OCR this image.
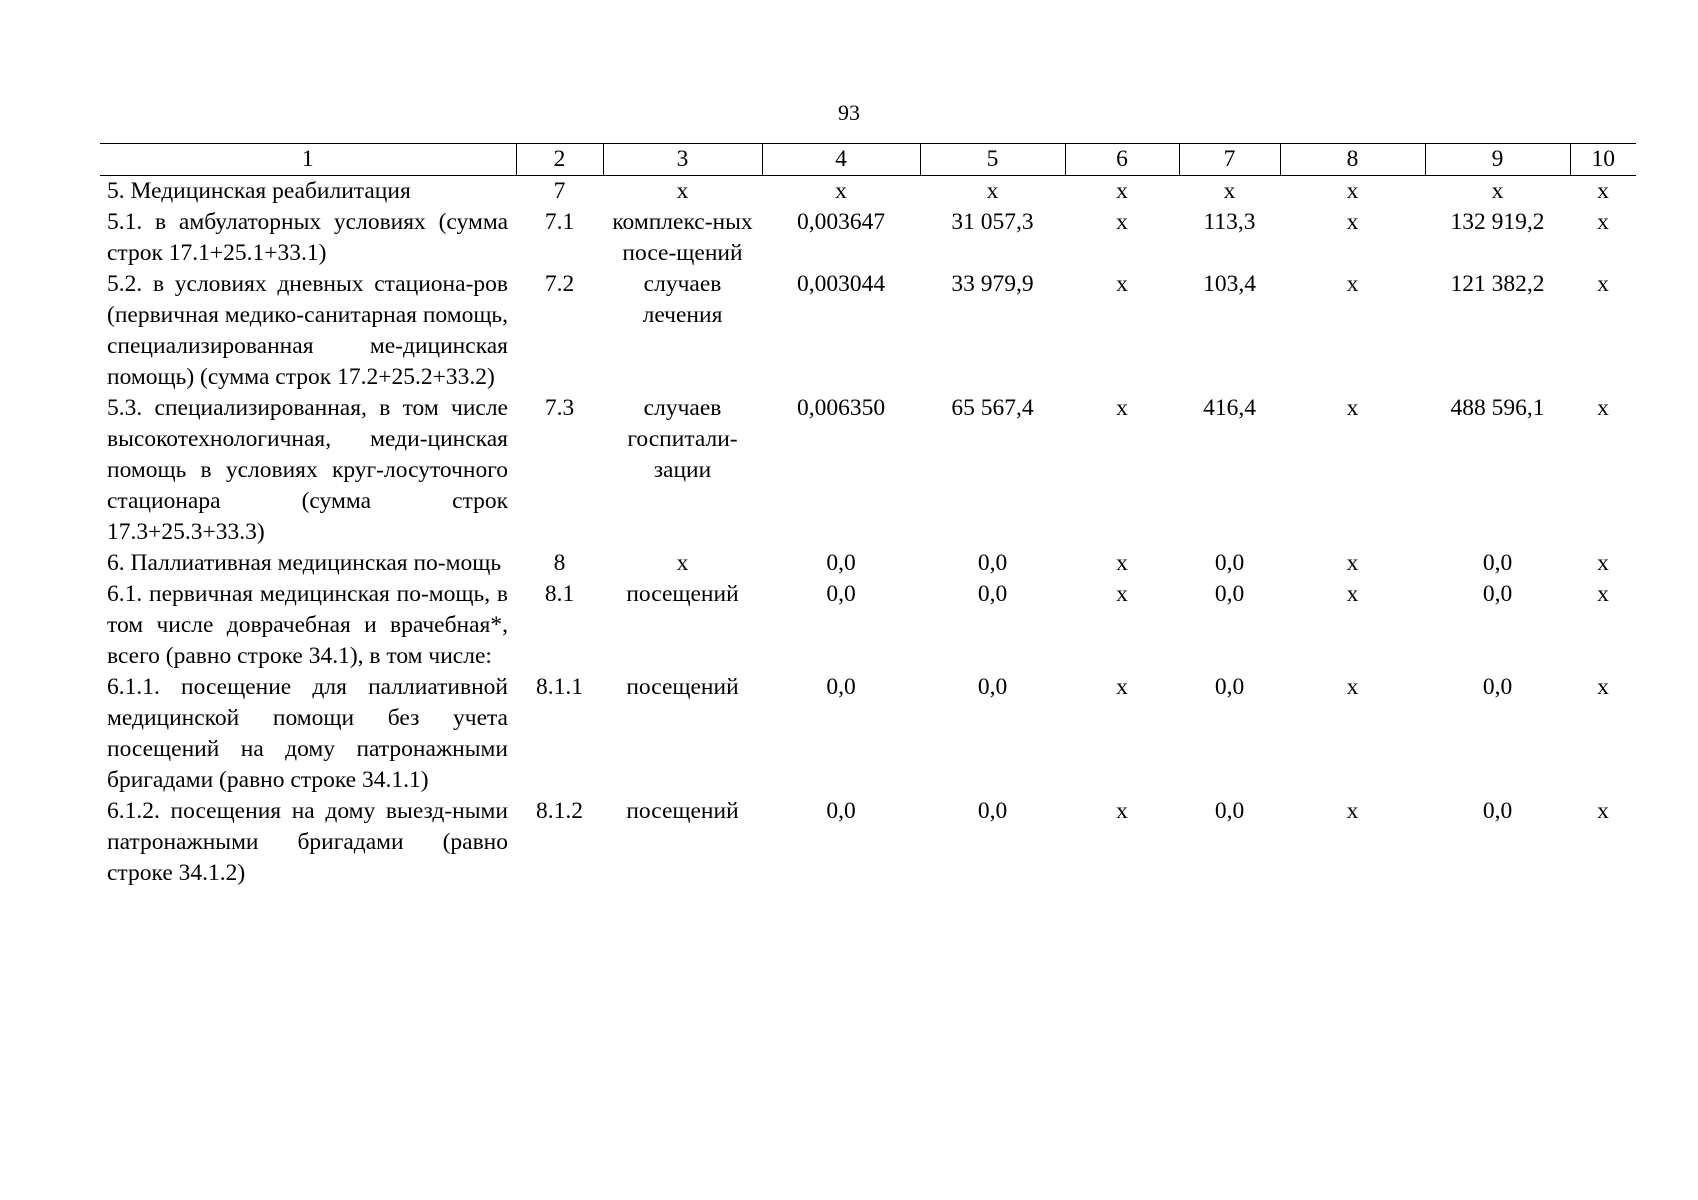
93
1	2	3	4	5	6	7	8	9	10
5. Медицинская реабилитация	7	х	х	х	х	х	х	х	х
5.1. в амбулаторных условиях (сумма строк 17.1+25.1+33.1)	7.1	комплекс-ных посе-щений	0,003647	31 057,3	х	113,3	х	132 919,2	х
5.2. в условиях дневных стациона-ров (первичная медико-санитарная помощь, специализированная ме-дицинская помощь) (сумма строк 17.2+25.2+33.2)	7.2	случаев лечения	0,003044	33 979,9	х	103,4	х	121 382,2	х
5.3. специализированная, в том числе высокотехнологичная, меди-цинская помощь в условиях круг-лосуточного стационара (сумма строк 17.3+25.3+33.3)	7.3	случаев госпитали-зации	0,006350	65 567,4	х	416,4	х	488 596,1	х
6. Паллиативная медицинская по-мощь	8	х	0,0	0,0	х	0,0	х	0,0	х
6.1. первичная медицинская по-мощь, в том числе доврачебная и врачебная*, всего (равно строке 34.1), в том числе:	8.1	посещений	0,0	0,0	х	0,0	х	0,0	х
6.1.1. посещение для паллиативной медицинской помощи без учета посещений на дому патронажными бригадами (равно строке 34.1.1)	8.1.1	посещений	0,0	0,0	х	0,0	х	0,0	х
6.1.2. посещения на дому выезд-ными патронажными бригадами (равно строке 34.1.2)	8.1.2	посещений	0,0	0,0	х	0,0	х	0,0	х
